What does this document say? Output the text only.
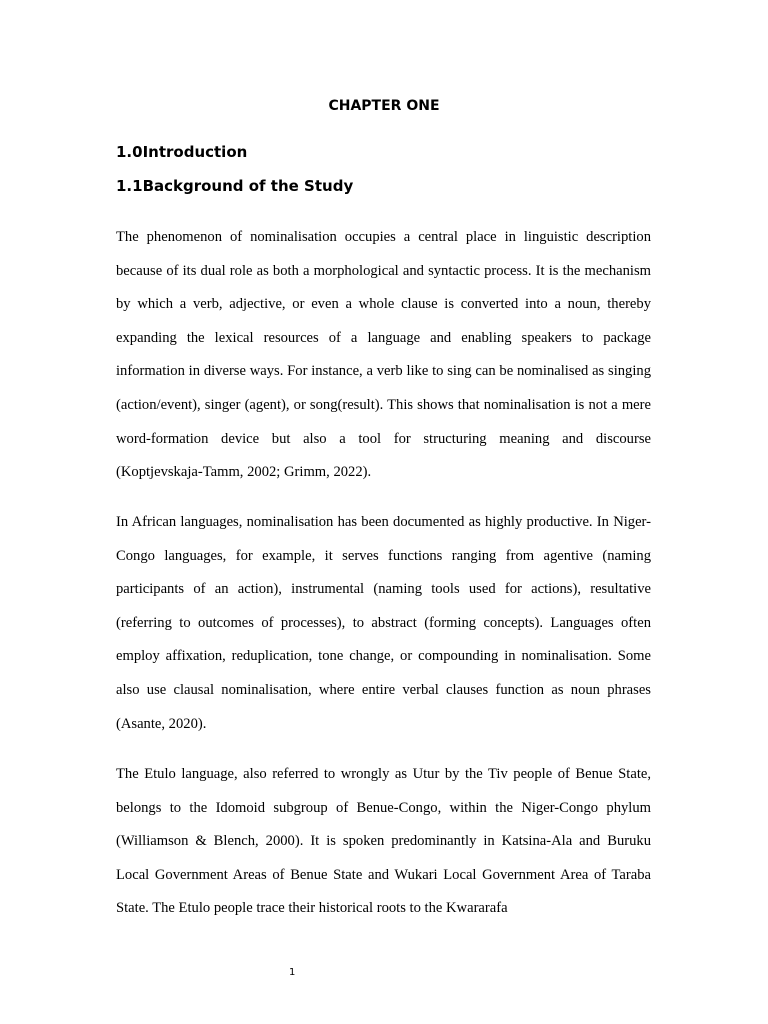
CHAPTER ONE
1.0Introduction
1.1Background of the Study

The phenomenon of nominalisation occupies a central place in linguistic description because of its dual role as both a morphological and syntactic process. It is the mechanism by which a verb, adjective, or even a whole clause is converted into a noun, thereby expanding the lexical resources of a language and enabling speakers to package information in diverse ways. For instance, a verb like to sing can be nominalised as singing (action/event), singer (agent), or song(result). This shows that nominalisation is not a mere word-formation device but also a tool for structuring meaning and discourse (Koptjevskaja-Tamm, 2002; Grimm, 2022).

In African languages, nominalisation has been documented as highly productive. In Niger-Congo languages, for example, it serves functions ranging from agentive (naming participants of an action), instrumental (naming tools used for actions), resultative (referring to outcomes of processes), to abstract (forming concepts). Languages often employ affixation, reduplication, tone change, or compounding in nominalisation. Some also use clausal nominalisation, where entire verbal clauses function as noun phrases (Asante, 2020).

The Etulo language, also referred to wrongly as Utur by the Tiv people of Benue State, belongs to the Idomoid subgroup of Benue-Congo, within the Niger-Congo phylum (Williamson & Blench, 2000). It is spoken predominantly in Katsina-Ala and Buruku Local Government Areas of Benue State and Wukari Local Government Area of Taraba State. The Etulo people trace their historical roots to the Kwararafa

1
